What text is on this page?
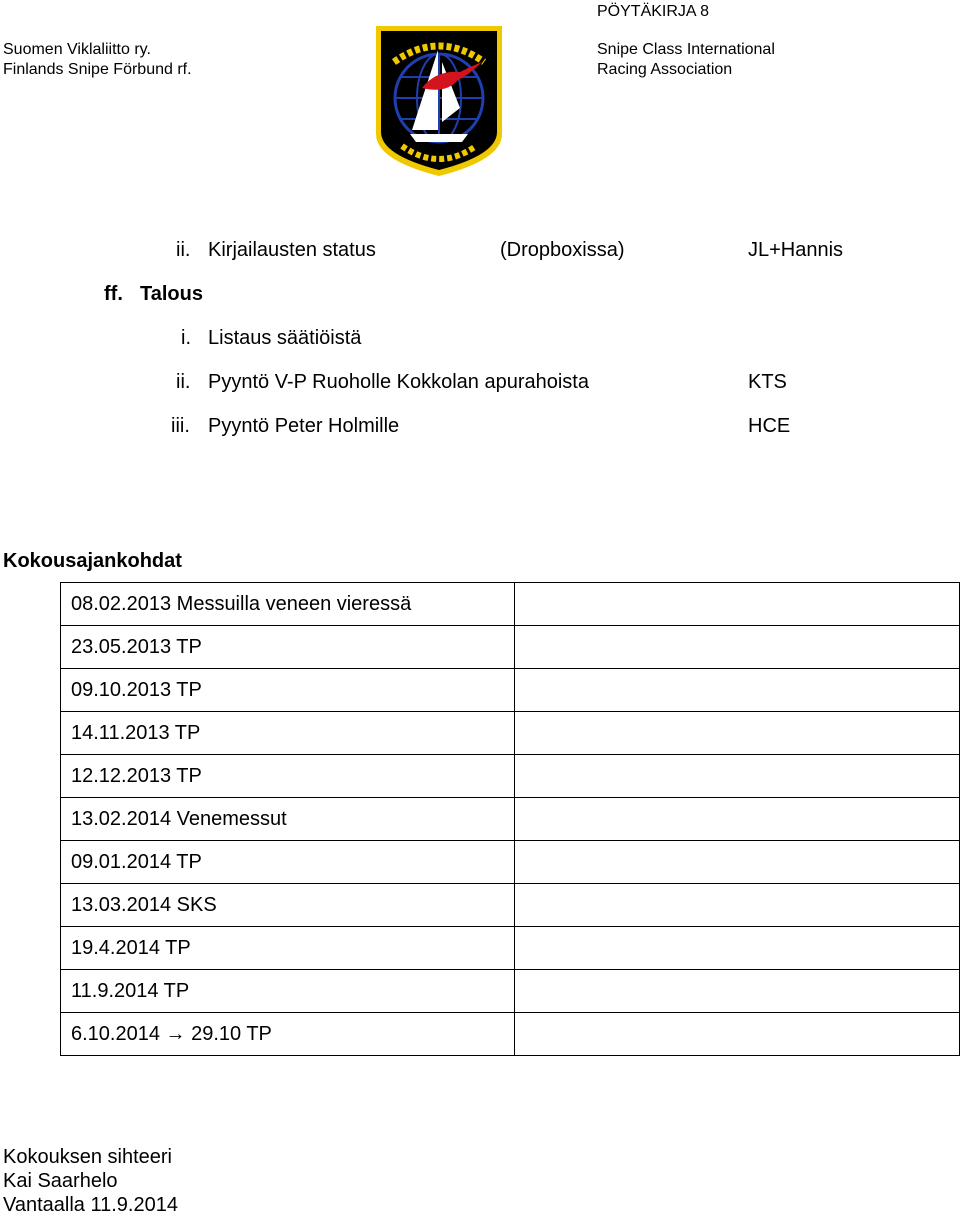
PÖYTÄKIRJA 8
Suomen Viklaliitto ry.
Finlands Snipe Förbund rf.
Snipe Class International
Racing Association
ii. Kirjailausten status	(Dropboxissa)	JL+Hannis
ff. Talous
i. Listaus säätiöistä
ii. Pyyntö V-P Ruoholle Kokkolan apurahoista	KTS
iii. Pyyntö Peter Holmille	HCE
Kokousajankohdat
08.02.2013 Messuilla veneen vieressä	
23.05.2013 TP	
09.10.2013 TP	
14.11.2013 TP	
12.12.2013 TP	
13.02.2014 Venemessut	
09.01.2014 TP	
13.03.2014 SKS	
19.4.2014 TP	
11.9.2014 TP	
6.10.2014 → 29.10 TP	
Kokouksen sihteeri
Kai Saarhelo
Vantaalla 11.9.2014
